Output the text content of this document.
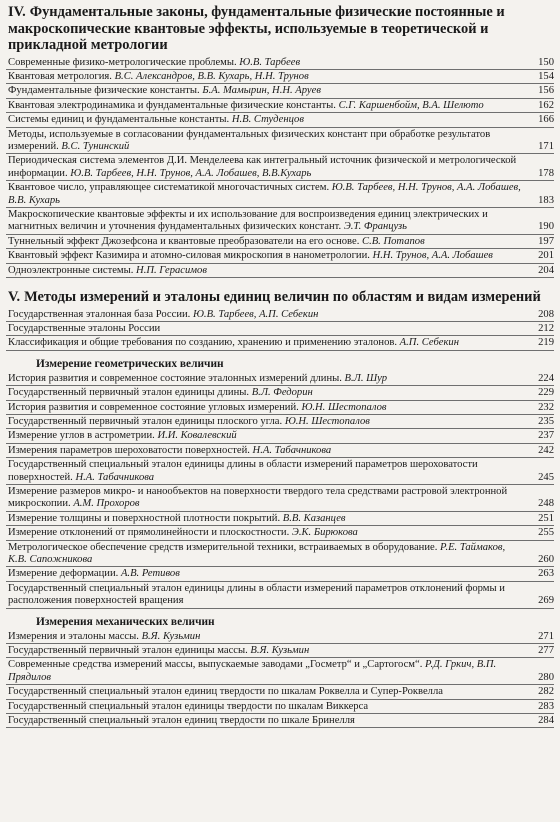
IV. Фундаментальные законы, фундаментальные физические постоянные и макроскопические квантовые эффекты, используемые в теоретической и прикладной метрологии
Современные физико-метрологические проблемы. Ю.В. Тарбеев	150
Квантовая метрология. В.С. Александров, В.В. Кухарь, Н.Н. Трунов	154
Фундаментальные физические константы. Б.А. Мамырин, Н.Н. Аруев	156
Квантовая электродинамика и фундаментальные физические константы. С.Г. Каршенбойм, В.А. Шелюто	162
Системы единиц и фундаментальные константы. Н.В. Студенцов	166
Методы, используемые в согласовании фундаментальных физических констант при обработке результатов измерений. В.С. Тунинский	171
Периодическая система элементов Д.И. Менделеева как интегральный источник физической и метрологической информации. Ю.В. Тарбеев, Н.Н. Трунов, А.А. Лобашев, В.В.Кухарь	178
Квантовое число, управляющее систематикой многочастичных систем. Ю.В. Тарбеев, Н.Н. Трунов, А.А. Лобашев, В.В. Кухарь	183
Макроскопические квантовые эффекты и их использование для воспроизведения единиц электрических и магнитных величин и уточнения фундаментальных физических констант. Э.Т. Французь	190
Туннельный эффект Джозефсона и квантовые преобразователи на его основе. С.В. Потапов	197
Квантовый эффект Казимира и атомно-силовая микроскопия в нанометрологии. Н.Н. Трунов, А.А. Лобашев	201
Одноэлектронные системы. Н.П. Герасимов	204
V. Методы измерений и эталоны единиц величин по областям и видам измерений
Государственная эталонная база России. Ю.В. Тарбеев, А.П. Себекин	208
Государственные эталоны России	212
Классификация и общие требования по созданию, хранению и применению эталонов. А.П. Себекин	219
Измерение геометрических величин
История развития и современное состояние эталонных измерений длины. В.Л. Шур	224
Государственный первичный эталон единицы длины. В.Л. Федорин	229
История развития и современное состояние угловых измерений. Ю.Н. Шестопалов	232
Государственный первичный эталон единицы плоского угла. Ю.Н. Шестопалов	235
Измерение углов в астрометрии. И.И. Ковалевский	237
Измерения параметров шероховатости поверхностей. Н.А. Табачникова	242
Государственный специальный эталон единицы длины в области измерений параметров шероховатости поверхностей. Н.А. Табачникова	245
Измерение размеров микро- и нанообъектов на поверхности твердого тела средствами растровой электронной микроскопии. А.М. Прохоров	248
Измерение толщины и поверхностной плотности покрытий. В.В. Казанцев	251
Измерение отклонений от прямолинейности и плоскостности. Э.К. Бирюкова	255
Метрологическое обеспечение средств измерительной техники, встраиваемых в оборудование. Р.Е. Таймаков, К.В. Сапожникова	260
Измерение деформации. А.В. Ретивов	263
Государственный специальный эталон единицы длины в области измерений параметров отклонений формы и расположения поверхностей вращения	269
Измерения механических величин
Измерения и эталоны массы. В.Я. Кузьмин	271
Государственный первичный эталон единицы массы. В.Я. Кузьмин	277
Современные средства измерений массы, выпускаемые заводами „Госметр“ и „Сартогосм“. Р.Д. Гркич, В.П. Прядилов	280
Государственный специальный эталон единиц твердости по шкалам Роквелла и Супер-Роквелла	282
Государственный специальный эталон единицы твердости по шкалам Виккерса	283
Государственный специальный эталон единиц твердости по шкале Бринелля	284
